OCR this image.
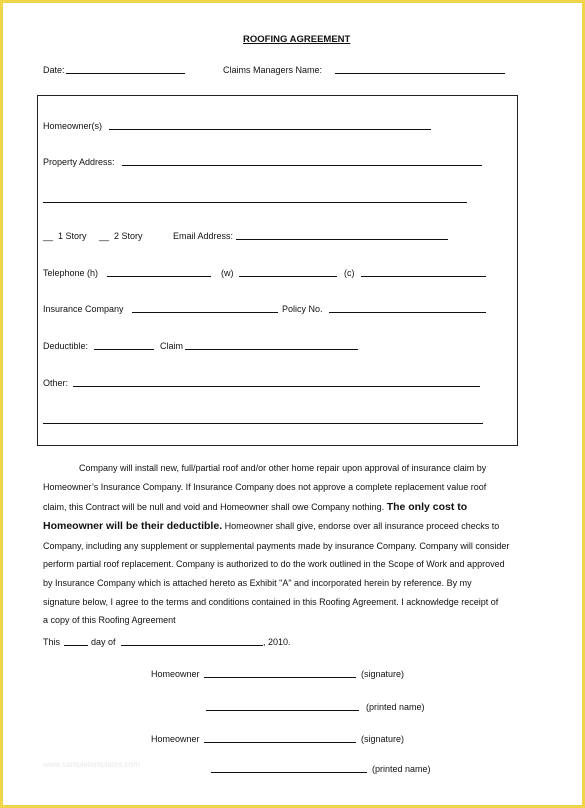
ROOFING AGREEMENT
Date:	Claims Managers Name:
Homeowner(s)
Property Address:
__ 1 Story __ 2 Story	Email Address:
Telephone (h)	(w)	(c)
Insurance Company	Policy No.
Deductible:	Claim
Other:
Company will install new, full/partial roof and/or other home repair upon approval of insurance claim by
Homeowner’s Insurance Company. If Insurance Company does not approve a complete replacement value roof
claim, this Contract will be null and void and Homeowner shall owe Company nothing. The only cost to
Homeowner will be their deductible. Homeowner shall give, endorse over all insurance proceed checks to
Company, including any supplement or supplemental payments made by insurance Company. Company will consider
perform partial roof replacement. Company is authorized to do the work outlined in the Scope of Work and approved
by Insurance Company which is attached hereto as Exhibit "A" and incorporated herein by reference. By my
signature below, I agree to the terms and conditions contained in this Roofing Agreement. I acknowledge receipt of
a copy of this Roofing Agreement
This	day of	, 2010.
Homeowner	(signature)
(printed name)
Homeowner	(signature)
(printed name)
www.sampletemplates.com
